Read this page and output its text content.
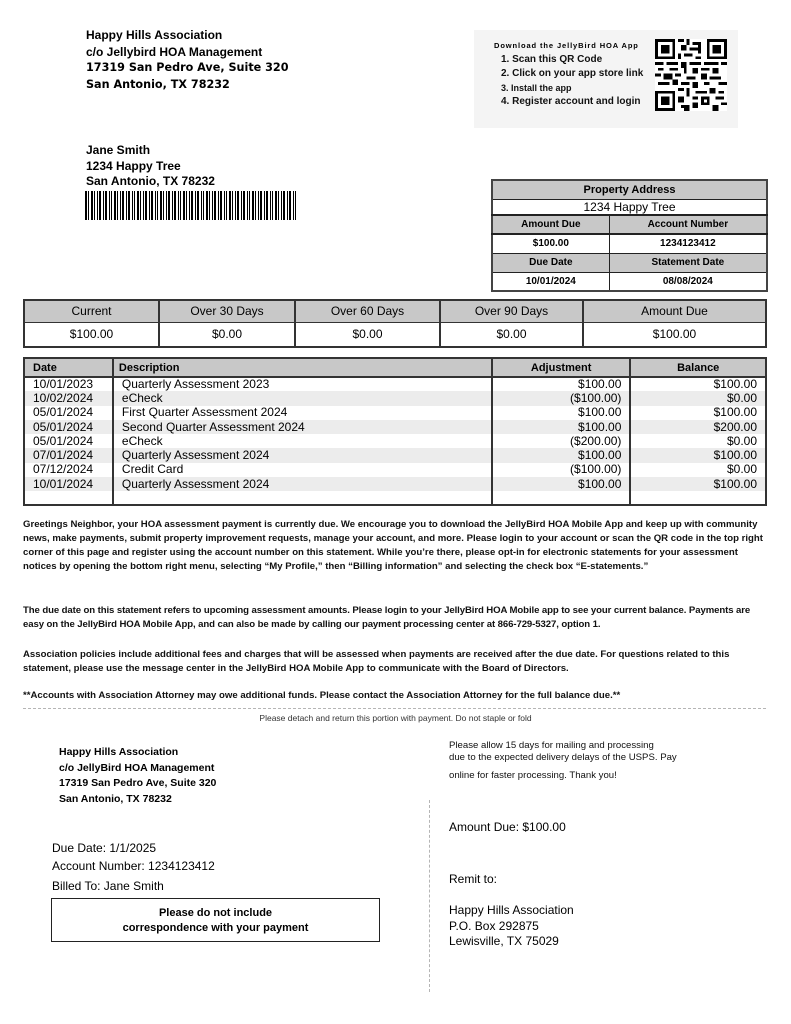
Happy Hills Association
c/o Jellybird HOA Management
17319 San Pedro Ave, Suite 320
San Antonio, TX 78232
Download the JellyBird HOA App
1. Scan this QR Code
2. Click on your app store link
3. Install the app
4. Register account and login
Jane Smith
1234 Happy Tree
San Antonio, TX 78232
Property Address	
1234 Happy Tree	
Amount Due	Account Number
$100.00	1234123412
Due Date	Statement Date
10/01/2024	08/08/2024
Current	Over 30 Days	Over 60 Days	Over 90 Days	Amount Due
$100.00	$0.00	$0.00	$0.00	$100.00
Date	Description	Adjustment	Balance
10/01/2023	Quarterly Assessment 2023	$100.00	$100.00
10/02/2024	eCheck	($100.00)	$0.00
05/01/2024	First Quarter Assessment 2024	$100.00	$100.00
05/01/2024	Second Quarter Assessment 2024	$100.00	$200.00
05/01/2024	eCheck	($200.00)	$0.00
07/01/2024	Quarterly Assessment 2024	$100.00	$100.00
07/12/2024	Credit Card	($100.00)	$0.00
10/01/2024	Quarterly Assessment 2024	$100.00	$100.00

Greetings Neighbor, your HOA assessment payment is currently due. We encourage you to download the JellyBird HOA Mobile App and keep up with community news, make payments, submit property improvement requests, manage your account, and more. Please login to your account or scan the QR code in the top right corner of this page and register using the account number on this statement. While you’re there, please opt-in for electronic statements for your assessment notices by opening the bottom right menu, selecting “My Profile,” then “Billing information” and selecting the check box “E-statements.”
The due date on this statement refers to upcoming assessment amounts. Please login to your JellyBird HOA Mobile app to see your current balance. Payments are easy on the JellyBird HOA Mobile App, and can also be made by calling our payment processing center at 866-729-5327, option 1.
Association policies include additional fees and charges that will be assessed when payments are received after the due date. For questions related to this statement, please use the message center in the JellyBird HOA Mobile App to communicate with the Board of Directors.
**Accounts with Association Attorney may owe additional funds. Please contact the Association Attorney for the full balance due.**
Please detach and return this portion with payment. Do not staple or fold
Happy Hills Association
c/o JellyBird HOA Management
17319 San Pedro Ave, Suite 320
San Antonio, TX 78232
Due Date: 1/1/2025
Account Number: 1234123412
Billed To: Jane Smith
Please do not include
correspondence with your payment
Please allow 15 days for mailing and processing
due to the expected delivery delays of the USPS. Pay
online for faster processing. Thank you!
Amount Due: $100.00
Remit to:
Happy Hills Association
P.O. Box 292875
Lewisville, TX 75029
